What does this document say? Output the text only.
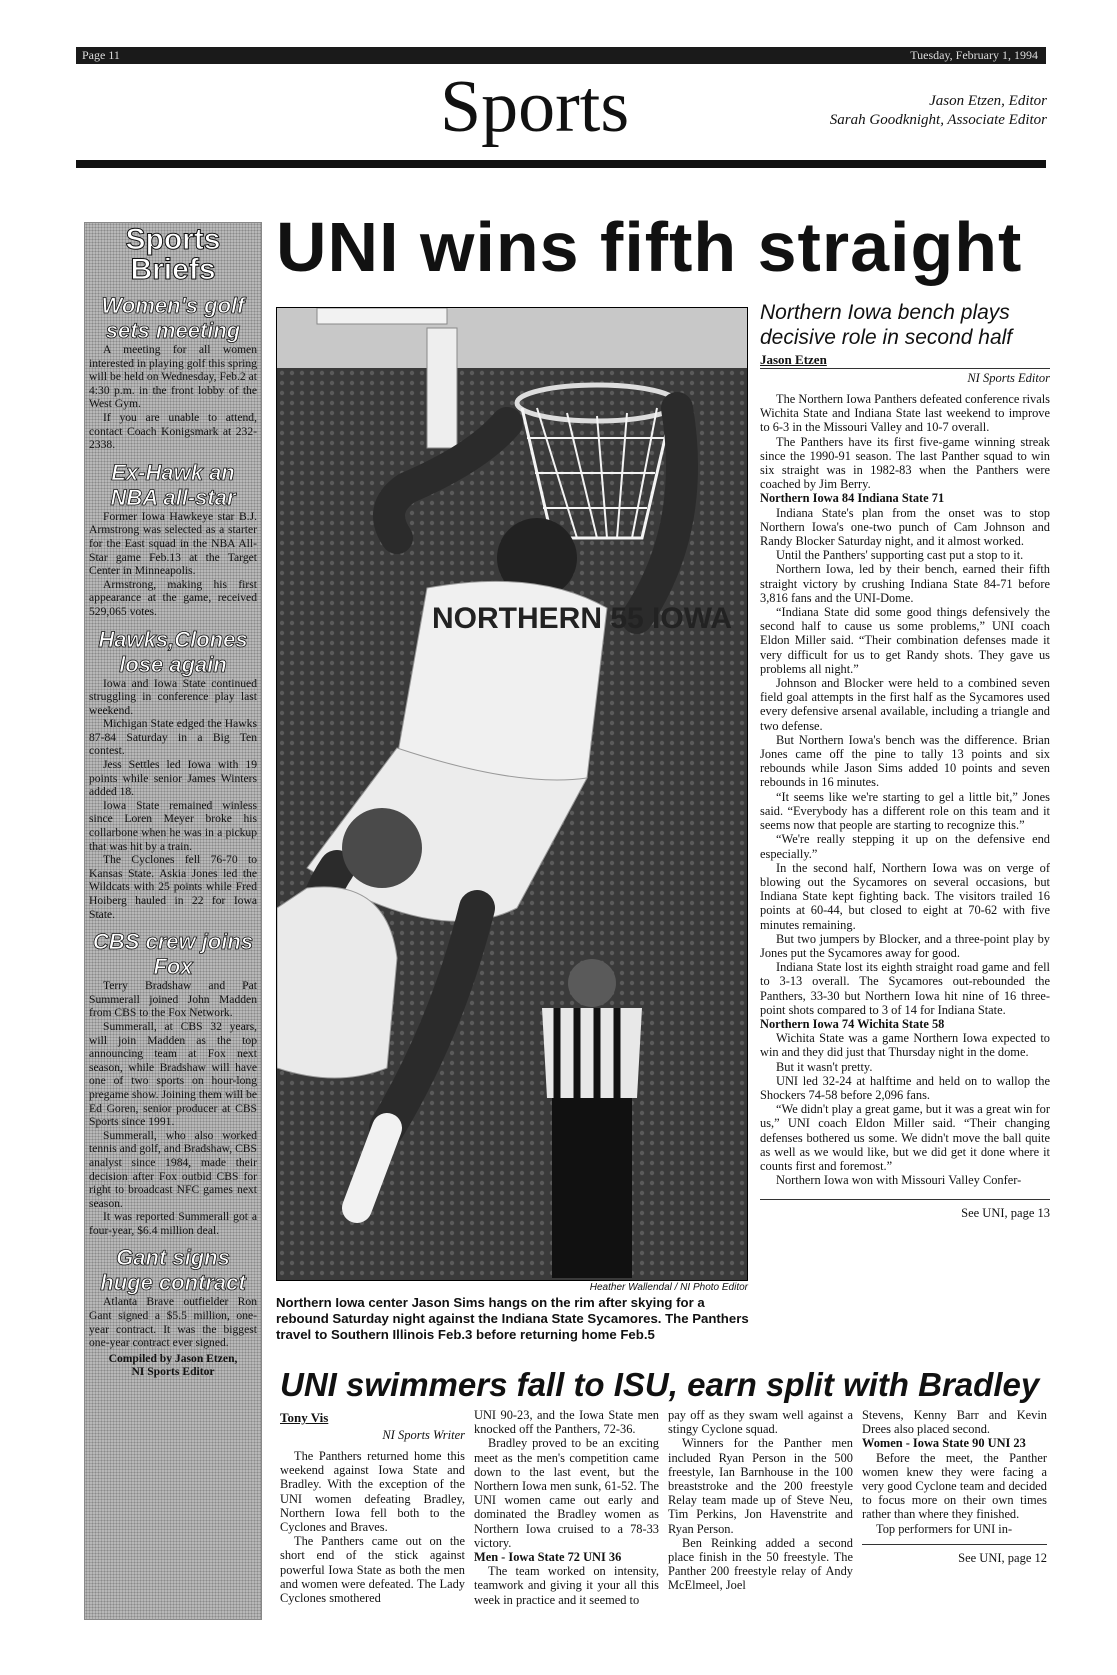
Page 11	Tuesday, February 1, 1994
Sports	Jason Etzen, Editor
Sarah Goodknight, Associate Editor
Sports
Briefs
Women's golf sets meeting

A meeting for all women interested in playing golf this spring will be held on Wednesday, Feb.2 at 4:30 p.m. in the front lobby of the West Gym.

If you are unable to attend, contact Coach Konigsmark at 232-2338.

Ex-Hawk an NBA all-star

Former Iowa Hawkeye star B.J. Armstrong was selected as a starter for the East squad in the NBA All-Star game Feb.13 at the Target Center in Minneapolis.

Armstrong, making his first appearance at the game, received 529,065 votes.

Hawks,Clones lose again

Iowa and Iowa State continued struggling in conference play last weekend.

Michigan State edged the Hawks 87-84 Saturday in a Big Ten contest.

Jess Settles led Iowa with 19 points while senior James Winters added 18.

Iowa State remained winless since Loren Meyer broke his collarbone when he was in a pickup that was hit by a train.

The Cyclones fell 76-70 to Kansas State. Askia Jones led the Wildcats with 25 points while Fred Hoiberg hauled in 22 for Iowa State.

CBS crew joins Fox

Terry Bradshaw and Pat Summerall joined John Madden from CBS to the Fox Network.

Summerall, at CBS 32 years, will join Madden as the top announcing team at Fox next season, while Bradshaw will have one of two sports on hour-long pregame show. Joining them will be Ed Goren, senior producer at CBS Sports since 1991.

Summerall, who also worked tennis and golf, and Bradshaw, CBS analyst since 1984, made their decision after Fox outbid CBS for right to broadcast NFC games next season.

It was reported Summerall got a four-year, $6.4 million deal.

Gant signs huge contract

Atlanta Brave outfielder Ron Gant signed a $5.5 million, one-year contract. It was the biggest one-year contract ever signed.

Compiled by Jason Etzen,
NI Sports Editor

UNI wins fifth straight
NORTHERN 55 IOWA
Heather Wallendal / NI Photo Editor
Northern Iowa center Jason Sims hangs on the rim after skying for a rebound Saturday night against the Indiana State Sycamores. The Panthers travel to Southern Illinois Feb.3 before returning home Feb.5
Northern Iowa bench plays decisive role in second half
Jason Etzen
NI Sports Editor

The Northern Iowa Panthers defeated conference rivals Wichita State and Indiana State last weekend to improve to 6-3 in the Missouri Valley and 10-7 overall.

The Panthers have its first five-game winning streak since the 1990-91 season. The last Panther squad to win six straight was in 1982-83 when the Panthers were coached by Jim Berry.

Northern Iowa 84 Indiana State 71

Indiana State's plan from the onset was to stop Northern Iowa's one-two punch of Cam Johnson and Randy Blocker Saturday night, and it almost worked.

Until the Panthers' supporting cast put a stop to it.

Northern Iowa, led by their bench, earned their fifth straight victory by crushing Indiana State 84-71 before 3,816 fans and the UNI-Dome.

“Indiana State did some good things defensively the second half to cause us some problems,” UNI coach Eldon Miller said. “Their combination defenses made it very difficult for us to get Randy shots. They gave us problems all night.”

Johnson and Blocker were held to a combined seven field goal attempts in the first half as the Sycamores used every defensive arsenal available, including a triangle and two defense.

But Northern Iowa's bench was the difference. Brian Jones came off the pine to tally 13 points and six rebounds while Jason Sims added 10 points and seven rebounds in 16 minutes.

“It seems like we're starting to gel a little bit,” Jones said. “Everybody has a different role on this team and it seems now that people are starting to recognize this.”

“We're really stepping it up on the defensive end especially.”

In the second half, Northern Iowa was on verge of blowing out the Sycamores on several occasions, but Indiana State kept fighting back. The visitors trailed 16 points at 60-44, but closed to eight at 70-62 with five minutes remaining.

But two jumpers by Blocker, and a three-point play by Jones put the Sycamores away for good.

Indiana State lost its eighth straight road game and fell to 3-13 overall. The Sycamores out-rebounded the Panthers, 33-30 but Northern Iowa hit nine of 16 three-point shots compared to 3 of 14 for Indiana State.

Northern Iowa 74 Wichita State 58

Wichita State was a game Northern Iowa expected to win and they did just that Thursday night in the dome.

But it wasn't pretty.

UNI led 32-24 at halftime and held on to wallop the Shockers 74-58 before 2,096 fans.

“We didn't play a great game, but it was a great win for us,” UNI coach Eldon Miller said. “Their changing defenses bothered us some. We didn't move the ball quite as well as we would like, but we did get it done where it counts first and foremost.”

Northern Iowa won with Missouri Valley Confer-

See UNI, page 13
UNI swimmers fall to ISU, earn split with Bradley
Tony Vis
NI Sports Writer

The Panthers returned home this weekend against Iowa State and Bradley. With the exception of the UNI women defeating Bradley, Northern Iowa fell both to the Cyclones and Braves.

The Panthers came out on the short end of the stick against powerful Iowa State as both the men and women were defeated. The Lady Cyclones smothered

UNI 90-23, and the Iowa State men knocked off the Panthers, 72-36.

Bradley proved to be an exciting meet as the men's competition came down to the last event, but the Northern Iowa men sunk, 61-52. The UNI women came out early and dominated the Bradley women as Northern Iowa cruised to a 78-33 victory.

Men - Iowa State 72 UNI 36

The team worked on intensity, teamwork and giving it your all this week in practice and it seemed to

pay off as they swam well against a stingy Cyclone squad.

Winners for the Panther men included Ryan Person in the 500 freestyle, Ian Barnhouse in the 100 breaststroke and the 200 freestyle Relay team made up of Steve Neu, Tim Perkins, Jon Havenstrite and Ryan Person.

Ben Reinking added a second place finish in the 50 freestyle. The Panther 200 freestyle relay of Andy McElmeel, Joel

Stevens, Kenny Barr and Kevin Drees also placed second.

Women - Iowa State 90 UNI 23

Before the meet, the Panther women knew they were facing a very good Cyclone team and decided to focus more on their own times rather than where they finished.

Top performers for UNI in-

See UNI, page 12
